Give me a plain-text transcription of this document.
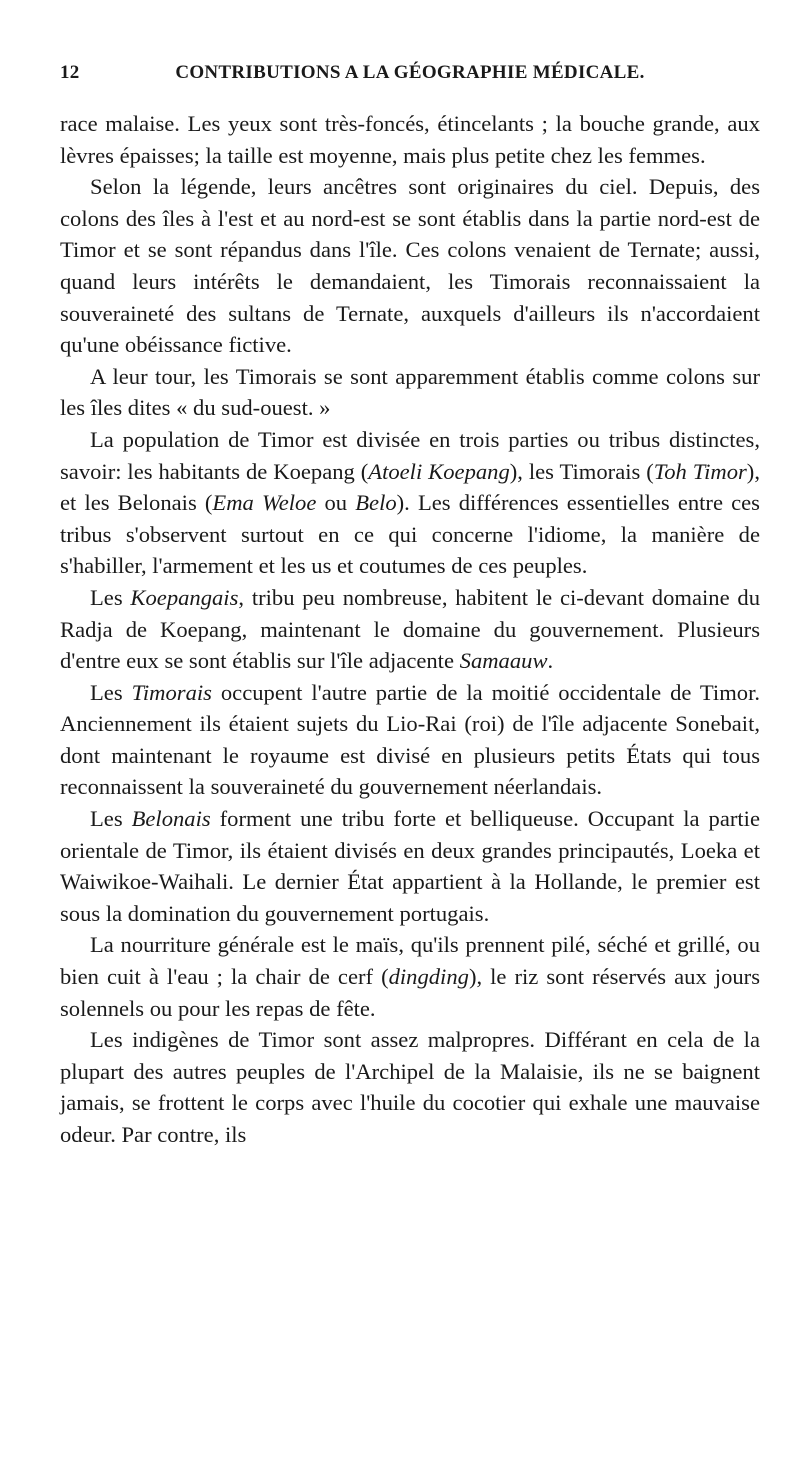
12	CONTRIBUTIONS A LA GÉOGRAPHIE MÉDICALE.

race malaise. Les yeux sont très-foncés, étincelants ; la bouche grande, aux lèvres épaisses; la taille est moyenne, mais plus petite chez les femmes.

Selon la légende, leurs ancêtres sont originaires du ciel. Depuis, des colons des îles à l'est et au nord-est se sont établis dans la partie nord-est de Timor et se sont répandus dans l'île. Ces colons venaient de Ternate; aussi, quand leurs intérêts le demandaient, les Timorais reconnaissaient la souveraineté des sultans de Ternate, auxquels d'ailleurs ils n'accordaient qu'une obéissance fictive.

A leur tour, les Timorais se sont apparemment établis comme colons sur les îles dites « du sud-ouest. »

La population de Timor est divisée en trois parties ou tribus distinctes, savoir: les habitants de Koepang (Atoeli Koepang), les Timorais (Toh Timor), et les Belonais (Ema Weloe ou Belo). Les différences essentielles entre ces tribus s'observent surtout en ce qui concerne l'idiome, la manière de s'habiller, l'armement et les us et coutumes de ces peuples.

Les Koepangais, tribu peu nombreuse, habitent le ci-devant domaine du Radja de Koepang, maintenant le domaine du gouvernement. Plusieurs d'entre eux se sont établis sur l'île adjacente Samaauw.

Les Timorais occupent l'autre partie de la moitié occidentale de Timor. Anciennement ils étaient sujets du Lio-Rai (roi) de l'île adjacente Sonebait, dont maintenant le royaume est divisé en plusieurs petits États qui tous reconnaissent la souveraineté du gouvernement néerlandais.

Les Belonais forment une tribu forte et belliqueuse. Occupant la partie orientale de Timor, ils étaient divisés en deux grandes principautés, Loeka et Waiwikoe-Waihali. Le dernier État appartient à la Hollande, le premier est sous la domination du gouvernement portugais.

La nourriture générale est le maïs, qu'ils prennent pilé, séché et grillé, ou bien cuit à l'eau ; la chair de cerf (dingding), le riz sont réservés aux jours solennels ou pour les repas de fête.

Les indigènes de Timor sont assez malpropres. Différant en cela de la plupart des autres peuples de l'Archipel de la Malaisie, ils ne se baignent jamais, se frottent le corps avec l'huile du cocotier qui exhale une mauvaise odeur. Par contre, ils
